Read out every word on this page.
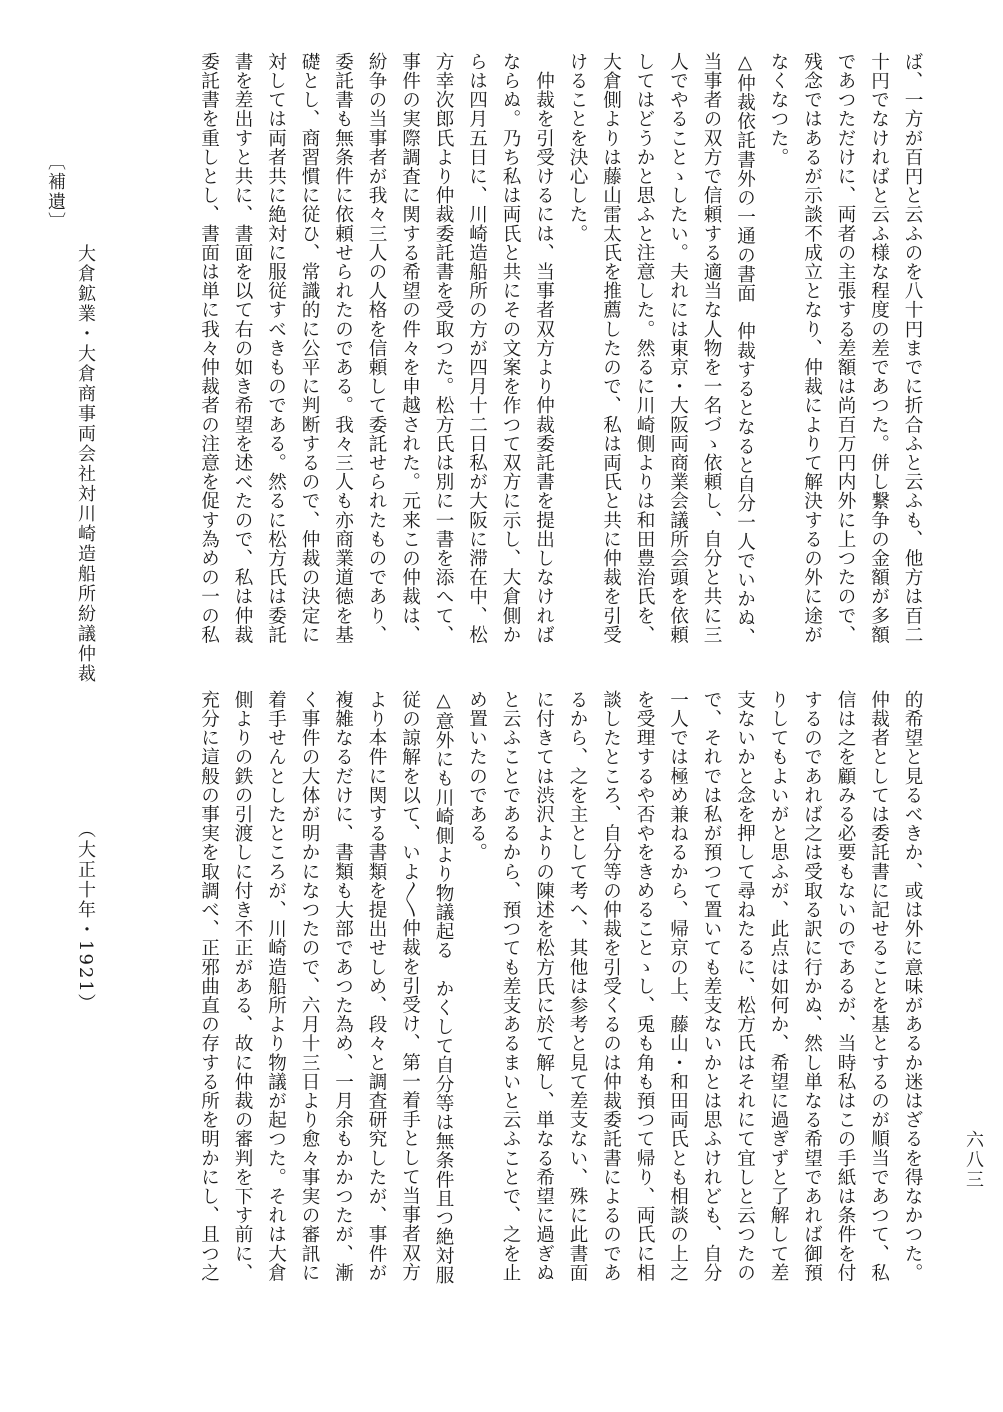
ば、一方が百円と云ふのを八十円までに折合ふと云ふも、他方は百二

十円でなければと云ふ様な程度の差であつた。併し繋争の金額が多額

であつただけに、両者の主張する差額は尚百万円内外に上つたので、

残念ではあるが示談不成立となり、仲裁によりて解決するの外に途が

なくなつた。

△仲裁依託書外の一通の書面　仲裁するとなると自分一人でいかぬ、

当事者の双方で信頼する適当な人物を一名づゝ依頼し、自分と共に三

人でやることゝしたい。夫れには東京・大阪両商業会議所会頭を依頼

してはどうかと思ふと注意した。然るに川崎側よりは和田豊治氏を、

大倉側よりは藤山雷太氏を推薦したので、私は両氏と共に仲裁を引受

けることを決心した。

　仲裁を引受けるには、当事者双方より仲裁委託書を提出しなければ

ならぬ。乃ち私は両氏と共にその文案を作つて双方に示し、大倉側か

らは四月五日に、川崎造船所の方が四月十二日私が大阪に滞在中、松

方幸次郎氏より仲裁委託書を受取つた。松方氏は別に一書を添へて、

事件の実際調査に関する希望の件々を申越された。元来この仲裁は、

紛争の当事者が我々三人の人格を信頼して委託せられたものであり、

委託書も無条件に依頼せられたのである。我々三人も亦商業道徳を基

礎とし、商習慣に従ひ、常識的に公平に判断するので、仲裁の決定に

対しては両者共に絶対に服従すべきものである。然るに松方氏は委託

書を差出すと共に、書面を以て右の如き希望を述べたので、私は仲裁

委託書を重しとし、書面は単に我々仲裁者の注意を促す為めの一の私

的希望と見るべきか、或は外に意味があるか迷はざるを得なかつた。

仲裁者としては委託書に記せることを基とするのが順当であつて、私

信は之を顧みる必要もないのであるが、当時私はこの手紙は条件を付

するのであれば之は受取る訳に行かぬ、然し単なる希望であれば御預

りしてもよいがと思ふが、此点は如何か、希望に過ぎずと了解して差

支ないかと念を押して尋ねたるに、松方氏はそれにて宜しと云つたの

で、それでは私が預つて置いても差支ないかとは思ふけれども、自分

一人では極め兼ねるから、帰京の上、藤山・和田両氏とも相談の上之

を受理するや否やをきめることゝし、兎も角も預つて帰り、両氏に相

談したところ、自分等の仲裁を引受くるのは仲裁委託書によるのであ

るから、之を主として考へ、其他は参考と見て差支ない、殊に此書面

に付きては渋沢よりの陳述を松方氏に於て解し、単なる希望に過ぎぬ

と云ふことであるから、預つても差支あるまいと云ふことで、之を止

め置いたのである。

△意外にも川崎側より物議起る　かくして自分等は無条件且つ絶対服

従の諒解を以て、いよ〳〵仲裁を引受け、第一着手として当事者双方

より本件に関する書類を提出せしめ、段々と調査研究したが、事件が

複雑なるだけに、書類も大部であつた為め、一月余もかかつたが、漸

く事件の大体が明かになつたので、六月十三日より愈々事実の審訊に

着手せんとしたところが、川崎造船所より物議が起つた。それは大倉

側よりの鉄の引渡しに付き不正がある、故に仲裁の審判を下す前に、

充分に這般の事実を取調べ、正邪曲直の存する所を明かにし、且つ之

〔補遺〕
大倉鉱業・大倉商事両会社対川崎造船所紛議仲裁
（大正十年・1921）
六八三
